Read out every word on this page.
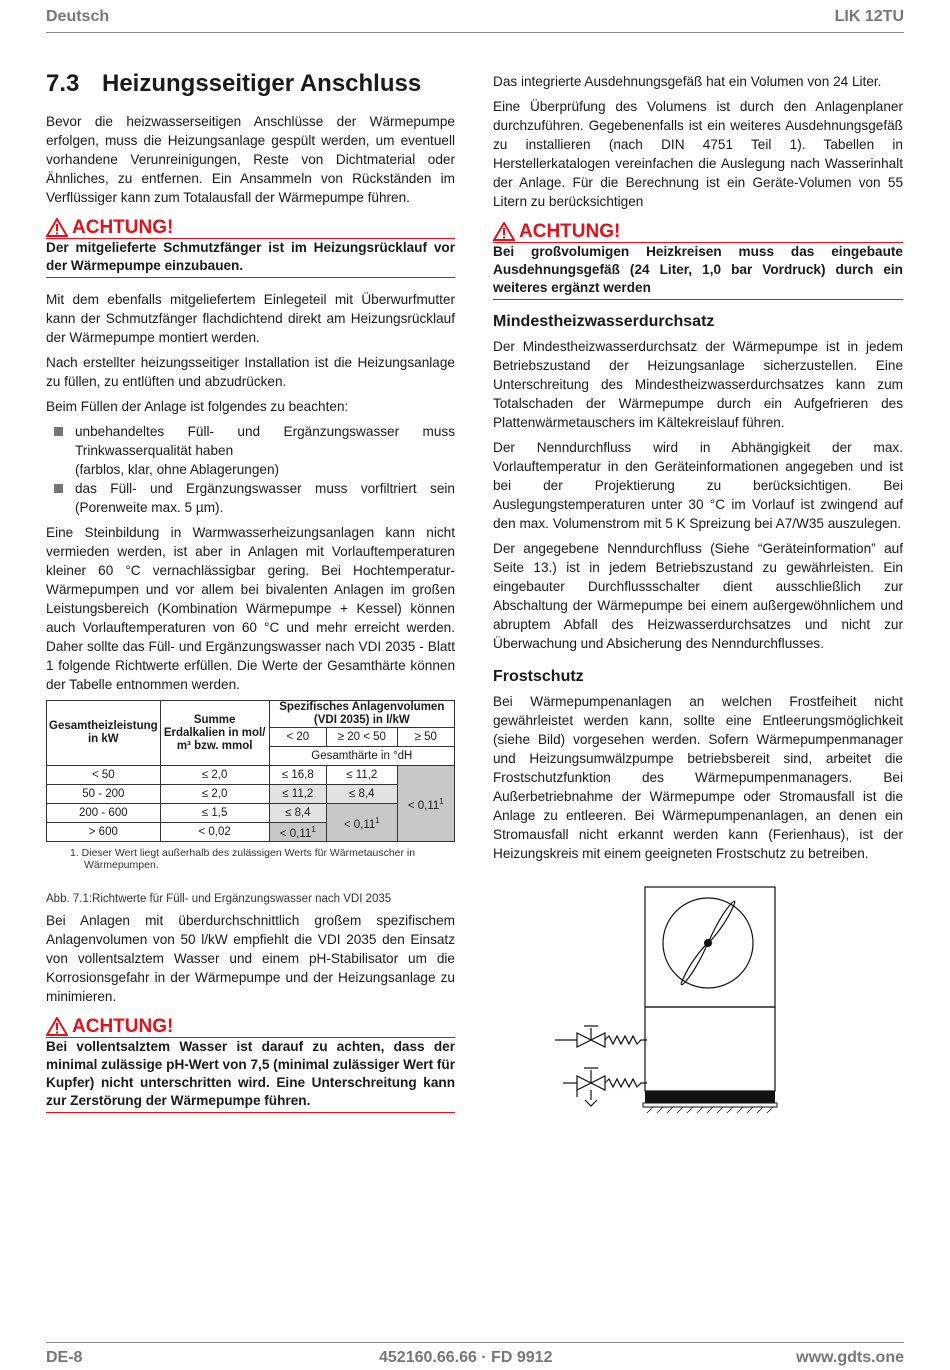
Deutsch	LIK 12TU
7.3 Heizungsseitiger Anschluss

Bevor die heizwasserseitigen Anschlüsse der Wärmepumpe erfolgen, muss die Heizungsanlage gespült werden, um eventuell vorhandene Verunreinigungen, Reste von Dichtmaterial oder Ähnliches, zu entfernen. Ein Ansammeln von Rückständen im Verflüssiger kann zum Totalausfall der Wärmepumpe führen.

ACHTUNG!
Der mitgelieferte Schmutzfänger ist im Heizungsrücklauf vor der Wärmepumpe einzubauen.

Mit dem ebenfalls mitgeliefertem Einlegeteil mit Überwurfmutter kann der Schmutzfänger flachdichtend direkt am Heizungsrücklauf der Wärmepumpe montiert werden.

Nach erstellter heizungsseitiger Installation ist die Heizungsanlage zu füllen, zu entlüften und abzudrücken.

Beim Füllen der Anlage ist folgendes zu beachten:

unbehandeltes Füll- und Ergänzungswasser muss Trinkwasserqualität haben
(farblos, klar, ohne Ablagerungen)
das Füll- und Ergänzungswasser muss vorfiltriert sein (Porenweite max. 5 µm).

Eine Steinbildung in Warmwasserheizungsanlagen kann nicht vermieden werden, ist aber in Anlagen mit Vorlauftemperaturen kleiner 60 °C vernachlässigbar gering. Bei Hochtemperatur-Wärmepumpen und vor allem bei bivalenten Anlagen im großen Leistungsbereich (Kombination Wärmepumpe + Kessel) können auch Vorlauftemperaturen von 60 °C und mehr erreicht werden. Daher sollte das Füll- und Ergänzungswasser nach VDI 2035 - Blatt 1 folgende Richtwerte erfüllen. Die Werte der Gesamthärte können der Tabelle entnommen werden.

Gesamtheizleistung in kW	Summe Erdalkalien in mol/ m³ bzw. mmol	Spezifisches Anlagenvolumen (VDI 2035) in l/kW		
		< 20	≥ 20 < 50	≥ 50
		Gesamthärte in °dH		
< 50	≤ 2,0	≤ 16,8	≤ 11,2	< $0,11^1$
50 - 200	≤ 2,0	≤ 11,2	≤ 8,4	
200 - 600	≤ 1,5	≤ 8,4	< $0,11^1$
> 600	< 0,02	< $0,11^1$
1. Dieser Wert liegt außerhalb des zulässigen Werts für Wärmetauscher in Wärmepumpen.
Abb. 7.1:Richtwerte für Füll- und Ergänzungswasser nach VDI 2035

Bei Anlagen mit überdurchschnittlich großem spezifischem Anlagenvolumen von 50 l/kW empfiehlt die VDI 2035 den Einsatz von vollentsalztem Wasser und einem pH-Stabilisator um die Korrosionsgefahr in der Wärmepumpe und der Heizungsanlage zu minimieren.

ACHTUNG!
Bei vollentsalztem Wasser ist darauf zu achten, dass der minimal zulässige pH-Wert von 7,5 (minimal zulässiger Wert für Kupfer) nicht unterschritten wird. Eine Unterschreitung kann zur Zerstörung der Wärmepumpe führen.

Das integrierte Ausdehnungsgefäß hat ein Volumen von 24 Liter.

Eine Überprüfung des Volumens ist durch den Anlagenplaner durchzuführen. Gegebenenfalls ist ein weiteres Ausdehnungsgefäß zu installieren (nach DIN 4751 Teil 1). Tabellen in Herstellerkatalogen vereinfachen die Auslegung nach Wasserinhalt der Anlage. Für die Berechnung ist ein Geräte-Volumen von 55 Litern zu berücksichtigen

ACHTUNG!
Bei großvolumigen Heizkreisen muss das eingebaute Ausdehnungsgefäß (24 Liter, 1,0 bar Vordruck) durch ein weiteres ergänzt werden
Mindestheizwasserdurchsatz

Der Mindestheizwasserdurchsatz der Wärmepumpe ist in jedem Betriebszustand der Heizungsanlage sicherzustellen. Eine Unterschreitung des Mindestheizwasserdurchsatzes kann zum Totalschaden der Wärmepumpe durch ein Aufgefrieren des Plattenwärmetauschers im Kältekreislauf führen.

Der Nenndurchfluss wird in Abhängigkeit der max. Vorlauftemperatur in den Geräteinformationen angegeben und ist bei der Projektierung zu berücksichtigen. Bei Auslegungstemperaturen unter 30 °C im Vorlauf ist zwingend auf den max. Volumenstrom mit 5 K Spreizung bei A7/W35 auszulegen.

Der angegebene Nenndurchfluss (Siehe “Geräteinformation” auf Seite 13.) ist in jedem Betriebszustand zu gewährleisten. Ein eingebauter Durchflussschalter dient ausschließlich zur Abschaltung der Wärmepumpe bei einem außergewöhnlichem und abruptem Abfall des Heizwasserdurchsatzes und nicht zur Überwachung und Absicherung des Nenndurchflusses.

Frostschutz

Bei Wärmepumpenanlagen an welchen Frostfeiheit nicht gewährleistet werden kann, sollte eine Entleerungsmöglichkeit (siehe Bild) vorgesehen werden. Sofern Wärmepumpenmanager und Heizungsumwälzpumpe betriebsbereit sind, arbeitet die Frostschutzfunktion des Wärmepumpenmanagers. Bei Außerbetriebnahme der Wärmepumpe oder Stromausfall ist die Anlage zu entleeren. Bei Wärmepumpenanlagen, an denen ein Stromausfall nicht erkannt werden kann (Ferienhaus), ist der Heizungskreis mit einem geeigneten Frostschutz zu betreiben.

DE-8	452160.66.66 · FD 9912	www.gdts.one
